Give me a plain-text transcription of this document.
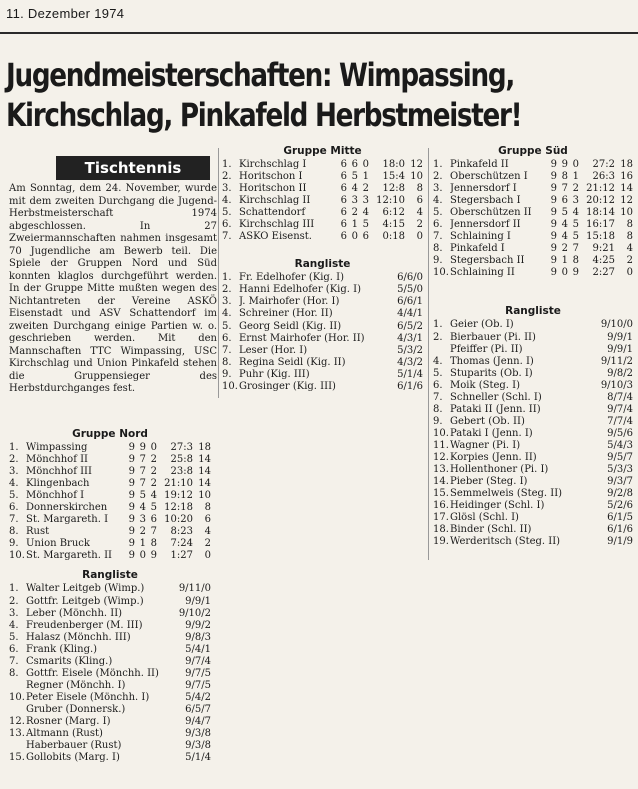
11. Dezember 1974
Jugendmeisterschaften: Wimpassing,
Kirchschlag, Pinkafeld Herbstmeister!
Tischtennis

Am Sonntag, dem 24. November, wurde mit dem zweiten Durchgang die Jugend-Herbstmeisterschaft 1974 abgeschlossen. In 27 Zweiermannschaften nahmen insgesamt 70 Jugendliche am Bewerb teil. Die Spiele der Gruppen Nord und Süd konnten klaglos durchgeführt werden. In der Gruppe Mitte mußten wegen des Nichtantreten der Vereine ASKÖ Eisenstadt und ASV Schattendorf im zweiten Durchgang einige Partien w. o. geschrieben werden. Mit den Mannschaften TTC Wimpassing, USC Kirchschlag und Union Pinkafeld stehen die Gruppensieger des Herbstdurchganges fest.

Gruppe Nord
1. Wimpassing	9 9 0	27:3 18
2. Mönchhof II	9 7 2	25:8 14
3. Mönchhof III	9 7 2	23:8 14
4. Klingenbach	9 7 2 21:10 14
5. Mönchhof I	9 5 4 19:12 10
6. Donnerskirchen	9 4 5 12:18	8
7. St. Margareth. I	9 3 6 10:20	6
8. Rust	9 2 7	8:23	4
9. Union Bruck	9 1 8	7:24	2
10. St. Margareth. II	9 0 9	1:27	0
Rangliste
1. Walter Leitgeb (Wimp.)	9/11/0
2. Gottfr. Leitgeb (Wimp.)	9/9/1
3. Leber (Mönchh. II)	9/10/2
4. Freudenberger (M. III)	9/9/2
5. Halasz (Mönchh. III)	9/8/3
6. Frank (Kling.)	5/4/1
7. Csmarits (Kling.)	9/7/4
8. Gottfr. Eisele (Mönchh. II)	9/7/5
Regner (Mönchh. I)	9/7/5
10. Peter Eisele (Mönchh. I)	5/4/2
Gruber (Donnersk.)	6/5/7
12. Rosner (Marg. I)	9/4/7
13. Altmann (Rust)	9/3/8
Haberbauer (Rust)	9/3/8
15. Gollobits (Marg. I)	5/1/4
Gruppe Mitte
1. Kirchschlag I	6 6 0	18:0 12
2. Horitschon I	6 5 1	15:4 10
3. Horitschon II	6 4 2	12:8	8
4. Kirchschlag II	6 3 3 12:10	6
5. Schattendorf	6 2 4	6:12	4
6. Kirchschlag III	6 1 5	4:15	2
7. ASKÖ Eisenst.	6 0 6	0:18	0
Rangliste
1. Fr. Edelhofer (Kig. I)	6/6/0
2. Hanni Edelhofer (Kig. I)	5/5/0
3. J. Mairhofer (Hor. I)	6/6/1
4. Schreiner (Hor. II)	4/4/1
5. Georg Seidl (Kig. II)	6/5/2
6. Ernst Mairhofer (Hor. II)	4/3/1
7. Leser (Hor. I)	5/3/2
8. Regina Seidl (Kig. II)	4/3/2
9. Puhr (Kig. III)	5/1/4
10. Grosinger (Kig. III)	6/1/6
Gruppe Süd
1. Pinkafeld II	9 9 0	27:2 18
2. Oberschützen I	9 8 1	26:3 16
3. Jennersdorf I	9 7 2 21:12 14
4. Stegersbach I	9 6 3 20:12 12
5. Oberschützen II	9 5 4 18:14 10
6. Jennersdorf II	9 4 5 16:17	8
7. Schlaining I	9 4 5 15:18	8
8. Pinkafeld I	9 2 7	9:21	4
9. Stegersbach II	9 1 8	4:25	2
10. Schlaining II	9 0 9	2:27	0
Rangliste
1. Geier (Ob. I)	9/10/0
2. Bierbauer (Pi. II)	9/9/1
Pfeiffer (Pi. II)	9/9/1
4. Thomas (Jenn. I)	9/11/2
5. Stuparits (Ob. I)	9/8/2
6. Moik (Steg. I)	9/10/3
7. Schneller (Schl. I)	8/7/4
8. Pataki II (Jenn. II)	9/7/4
9. Gebert (Ob. II)	7/7/4
10. Pataki I (Jenn. I)	9/5/6
11. Wagner (Pi. I)	5/4/3
12. Korpies (Jenn. II)	9/5/7
13. Hollenthoner (Pi. I)	5/3/3
14. Pieber (Steg. I)	9/3/7
15. Semmelweis (Steg. II)	9/2/8
16. Heidinger (Schl. I)	5/2/6
17. Glösl (Schl. I)	6/1/5
18. Binder (Schl. II)	6/1/6
19. Werderitsch (Steg. II)	9/1/9
